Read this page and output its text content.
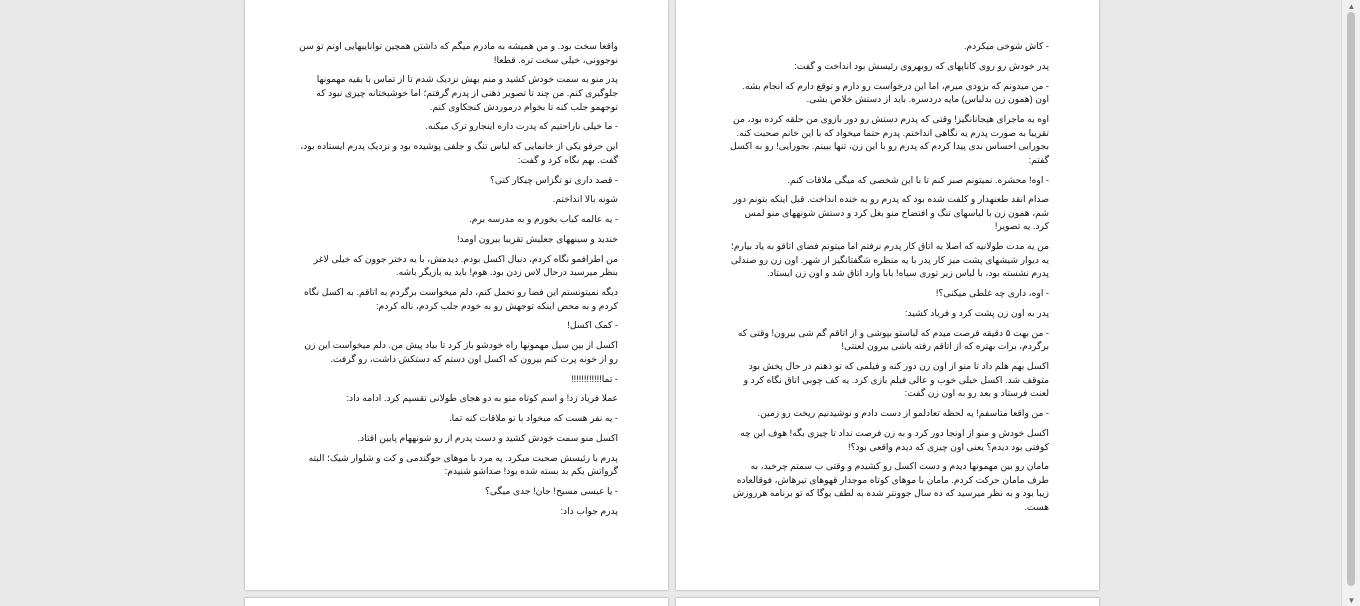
واقعا سخت بود. و من همیشه به مادرم میگم که داشتن همچین تواناییهایی اونم تو سن نوجوونی، خیلی سخت تره. قطعا!

پدر منو به سمت خودش کشید و منم بهش نزدیک شدم تا از تماس با بقیه مهمونها جلوگیری کنم. من چند تا تصویر ذهنی از پدرم گرفتم؛ اما خوشبختانه چیزی نبود که توجهمو جلب کنه تا بخوام درموردش کنجکاوی کنم.

- ما خیلی ناراحتیم که پدرت داره اینجارو ترک میکنه.

این حرفو یکی از خانمایی که لباس تنگ و جلفی پوشیده بود و نزدیک پدرم ایستاده بود، گفت. بهم نگاه کرد و گفت:

- قصد داری تو تگزاس چیکار کنی؟

شونه بالا انداختم.

- یه عالمه کباب بخورم و به مدرسه برم.

خندید و سینههای جعلیش تقریبا بیرون اومد!

من اطرافمو نگاه کردم، دنبال اکسل بودم. دیدمش، با یه دختر جوون که خیلی لاغر بنظر میرسید درحال لاس زدن بود. هوم! باید یه بازیگر باشه.

دیگه نمیتونستم این فضا رو تحمل کنم، دلم میخواست برگردم به اتاقم. به اکسل نگاه کردم و به محض اینکه توجهش رو به خودم جلب کردم، ناله کردم:

- کمک اکسل!

اکسل از بین سیل مهمونها راه خودشو باز کرد تا بیاد پیش من. دلم میخواست این زن رو از خونه پرت کنم بیرون که اکسل اون دستم که دستکش داشت، رو گرفت.

- تما!!!!!!!!!!!!

عملا فریاد زد! و اسم کوتاه منو به دو هجای طولانی تقسیم کرد. ادامه داد:

- یه نفر هست که میخواد با تو ملاقات کنه تما.

اکسل منو سمت خودش کشید و دست پدرم از رو شونههام پایین افتاد.

پدرم با رئیسش صحبت میکرد. یه مرد با موهای جوگندمی و کت و شلوار شیک؛ البته گرواتش یکم بد بسته شده بود! صداشو شنیدم:

- یا عیسی مسیح! جان! جدی میگی؟

پدرم جواب داد:

- کاش شوخی میکردم.

پدر خودش رو روی کاناپهای که روبهروی رئیسش بود انداخت و گفت:

- من میدونم که بزودی میرم، اما این درخواست رو دارم و توقع دارم که انجام بشه. اون (همون زن بدلباس) مایه دردسره. باید از دستش خلاص بشی.

اوه یه ماجرای هیجانانگیز! وقتی که پدرم دستش رو دور بازوی من حلقه کرده بود، من تقریبا به صورت پدرم یه نگاهی انداختم. پدرم حتما میخواد که با این خانم صحبت کنه. بجورایی احساس بدی پیدا کردم که پدرم رو با این زن، تنها ببینم. بجورایی! رو به اکسل گفتم:

- اوه! محشره. نمیتونم صبر کنم تا با این شخصی که میگی ملاقات کنم.

صدام انقد طعنهدار و کلفت شده بود که پدرم رو به خنده انداخت. قبل اینکه بتونم دور شم، همون زن با لباسهای تنگ و افتضاح منو بغل کرد و دستش شونههای منو لمس کرد. یه تصویر!

من یه مدت طولانیه که اصلا به اتاق کار پدرم نرفتم اما میتونم فضای اتاقو به یاد بیارم؛ یه دیوار شیشهای پشت میز کار پدر با یه منظره شگفتانگیز از شهر. اون زن رو صندلی پدرم نشسته بود، با لباس زیر توری سیاه! بابا وارد اتاق شد و اون زن ایستاد.

- اوه، داری چه غلطی میکنی؟!

پدر به اون زن پشت کرد و فریاد کشید:

- من بهت ۵ دقیقه فرصت میدم که لباستو بپوشی و از اتاقم گم شی بیرون! وقتی که برگردم، برات بهتره که از اتاقم رفته باشی بیرون لعنتی!

اکسل بهم هلم داد تا منو از اون زن دور کنه و فیلمی که تو ذهنم در حال پخش بود متوقف شد. اکسل خیلی خوب و عالی فیلم بازی کرد. یه کف چوبی اتاق نگاه کرد و لعنت فرستاد و بعد رو به اون زن گفت:

- من واقعا متاسفم! یه لحظه تعادلمو از دست دادم و نوشیدنیم ریخت رو زمین.

اکسل خودش و منو از اونجا دور کرد و به زن فرصت نداد تا چیزی بگه! هوف این چه کوفتی بود دیدم؟ یعنی اون چیزی که دیدم واقعی بود؟!

مامان رو بین مهمونها دیدم و دست اکسل رو کشیدم و وقتی ب سمتم چرخید، به طرف مامان حرکت کردم. مامان با موهای کوتاه موجدار قهوهای تیرهاش، فوقالعاده زیبا بود و به نظر میرسید که ده سال جوونتر شده به لطف یوگا که تو برنامه هرروزش هست.

▲
▼
